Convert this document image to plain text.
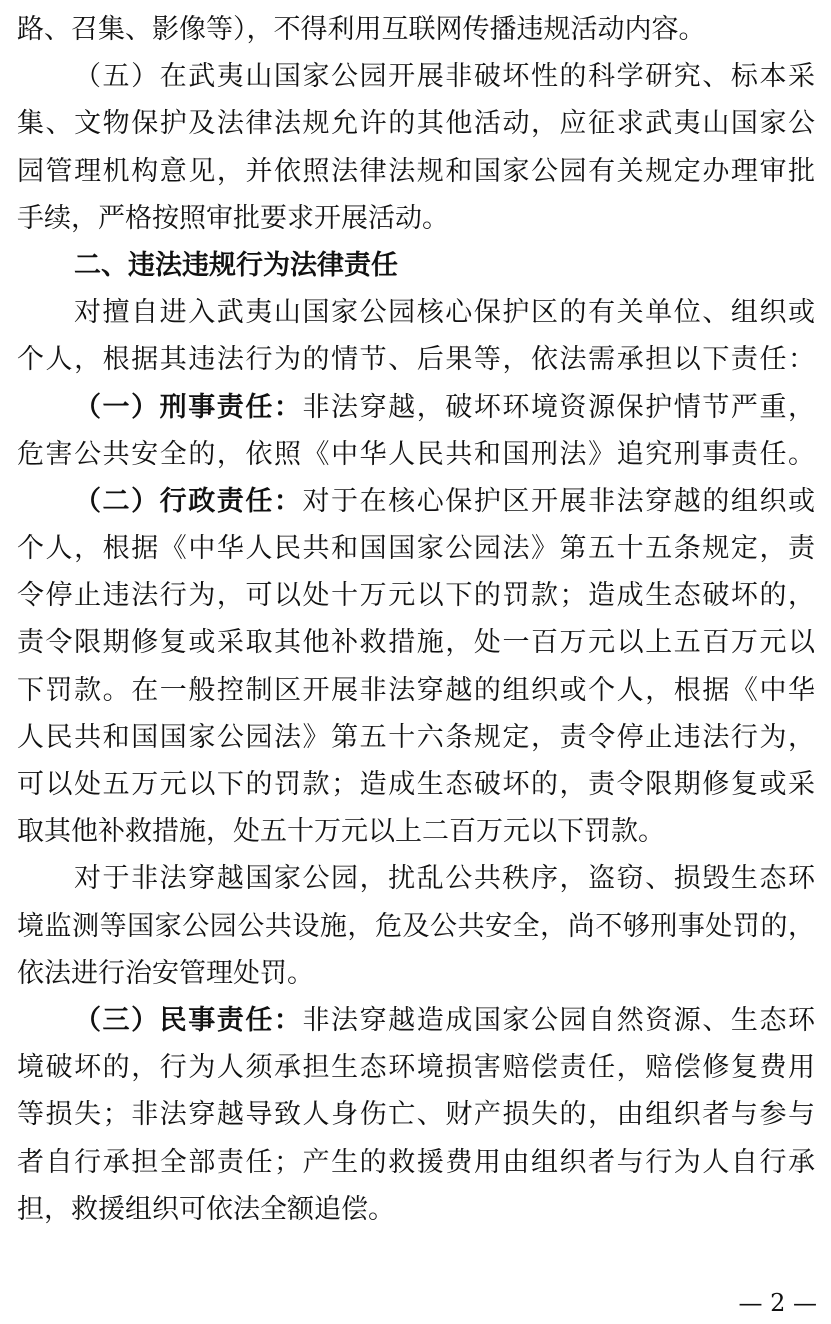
路、召集、影像等），不得利用互联网传播违规活动内容。
（五）在武夷山国家公园开展非破坏性的科学研究、标本采
集、文物保护及法律法规允许的其他活动，应征求武夷山国家公
园管理机构意见，并依照法律法规和国家公园有关规定办理审批
手续，严格按照审批要求开展活动。
二、违法违规行为法律责任
对擅自进入武夷山国家公园核心保护区的有关单位、组织或
个人，根据其违法行为的情节、后果等，依法需承担以下责任：
（一）刑事责任：非法穿越，破坏环境资源保护情节严重，
危害公共安全的，依照《中华人民共和国刑法》追究刑事责任。
（二）行政责任：对于在核心保护区开展非法穿越的组织或
个人，根据《中华人民共和国国家公园法》第五十五条规定，责
令停止违法行为，可以处十万元以下的罚款；造成生态破坏的，
责令限期修复或采取其他补救措施，处一百万元以上五百万元以
下罚款。在一般控制区开展非法穿越的组织或个人，根据《中华
人民共和国国家公园法》第五十六条规定，责令停止违法行为，
可以处五万元以下的罚款；造成生态破坏的，责令限期修复或采
取其他补救措施，处五十万元以上二百万元以下罚款。
对于非法穿越国家公园，扰乱公共秩序，盗窃、损毁生态环
境监测等国家公园公共设施，危及公共安全，尚不够刑事处罚的，
依法进行治安管理处罚。
（三）民事责任：非法穿越造成国家公园自然资源、生态环
境破坏的，行为人须承担生态环境损害赔偿责任，赔偿修复费用
等损失；非法穿越导致人身伤亡、财产损失的，由组织者与参与
者自行承担全部责任；产生的救援费用由组织者与行为人自行承
担，救援组织可依法全额追偿。
— 2 —
